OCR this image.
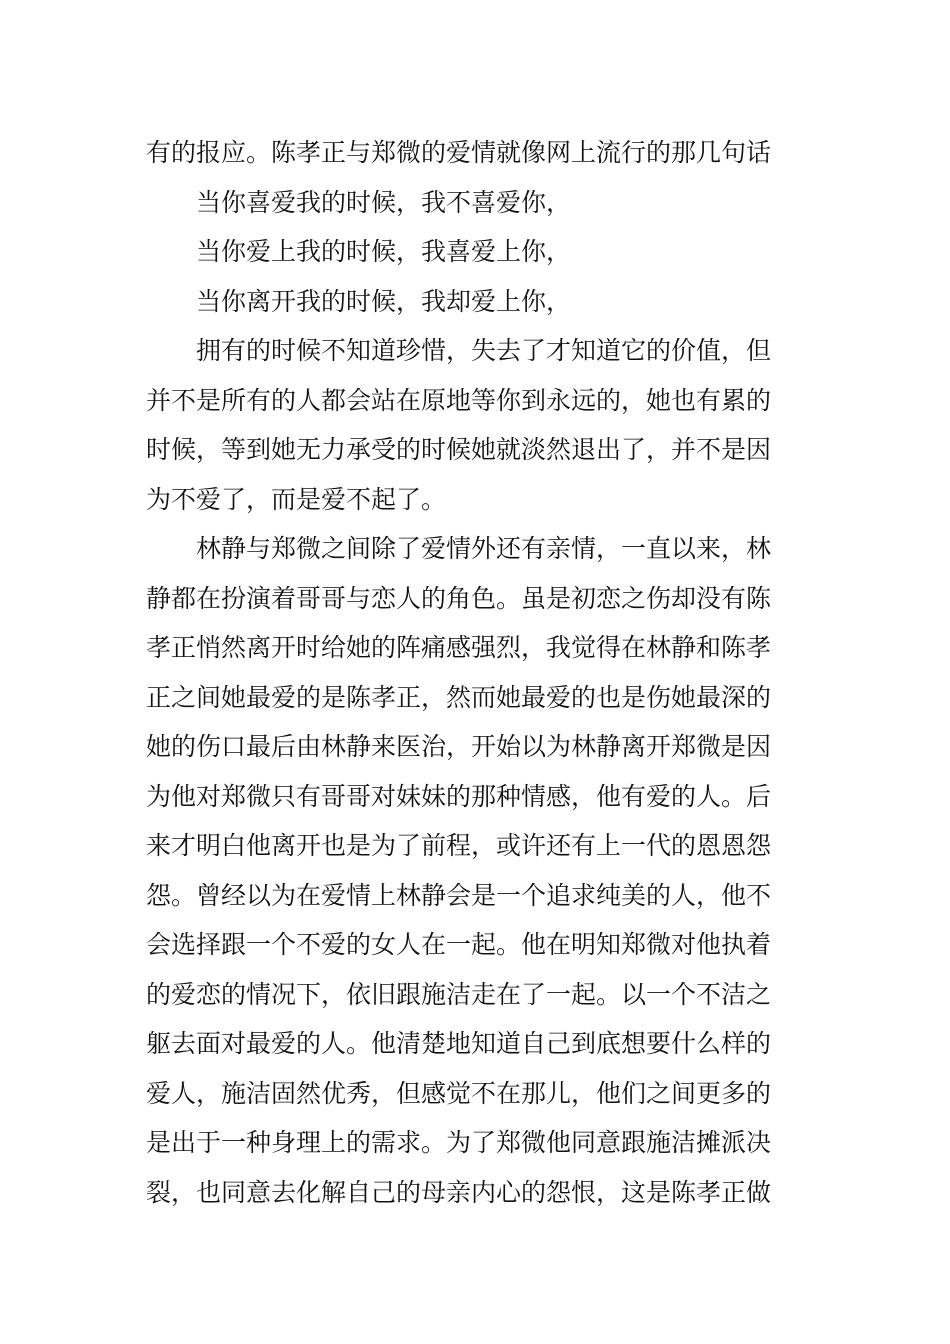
有的报应。陈孝正与郑微的爱情就像网上流行的那几句话
当你喜爱我的时候，我不喜爱你，
当你爱上我的时候，我喜爱上你，
当你离开我的时候，我却爱上你，
拥有的时候不知道珍惜，失去了才知道它的价值，但
并不是所有的人都会站在原地等你到永远的，她也有累的
时候，等到她无力承受的时候她就淡然退出了，并不是因
为不爱了，而是爱不起了。
林静与郑微之间除了爱情外还有亲情，一直以来，林
静都在扮演着哥哥与恋人的角色。虽是初恋之伤却没有陈
孝正悄然离开时给她的阵痛感强烈，我觉得在林静和陈孝
正之间她最爱的是陈孝正，然而她最爱的也是伤她最深的
她的伤口最后由林静来医治，开始以为林静离开郑微是因
为他对郑微只有哥哥对妹妹的那种情感，他有爱的人。后
来才明白他离开也是为了前程，或许还有上一代的恩恩怨
怨。曾经以为在爱情上林静会是一个追求纯美的人，他不
会选择跟一个不爱的女人在一起。他在明知郑微对他执着
的爱恋的情况下，依旧跟施洁走在了一起。以一个不洁之
躯去面对最爱的人。他清楚地知道自己到底想要什么样的
爱人，施洁固然优秀，但感觉不在那儿，他们之间更多的
是出于一种身理上的需求。为了郑微他同意跟施洁摊派决
裂，也同意去化解自己的母亲内心的怨恨，这是陈孝正做
